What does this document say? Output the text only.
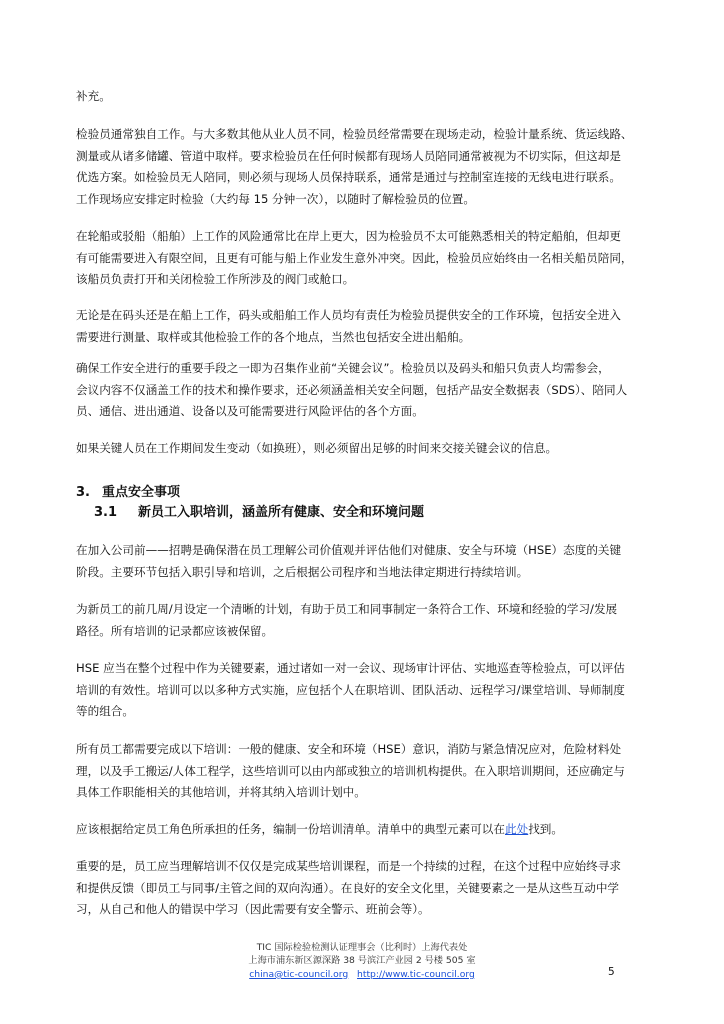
补充。
检验员通常独自工作。与大多数其他从业人员不同，检验员经常需要在现场走动，检验计量系统、货运线路、
测量或从诸多储罐、管道中取样。要求检验员在任何时候都有现场人员陪同通常被视为不切实际，但这却是
优选方案。如检验员无人陪同，则必须与现场人员保持联系，通常是通过与控制室连接的无线电进行联系。
工作现场应安排定时检验（大约每 15 分钟一次），以随时了解检验员的位置。
在轮船或驳船（船舶）上工作的风险通常比在岸上更大，因为检验员不太可能熟悉相关的特定船舶，但却更
有可能需要进入有限空间，且更有可能与船上作业发生意外冲突。因此，检验员应始终由一名相关船员陪同，
该船员负责打开和关闭检验工作所涉及的阀门或舱口。
无论是在码头还是在船上工作，码头或船舶工作人员均有责任为检验员提供安全的工作环境，包括安全进入
需要进行测量、取样或其他检验工作的各个地点，当然也包括安全进出船舶。
确保工作安全进行的重要手段之一即为召集作业前“关键会议”。检验员以及码头和船只负责人均需参会，
会议内容不仅涵盖工作的技术和操作要求，还必须涵盖相关安全问题，包括产品安全数据表（SDS）、陪同人
员、通信、进出通道、设备以及可能需要进行风险评估的各个方面。
如果关键人员在工作期间发生变动（如换班），则必须留出足够的时间来交接关键会议的信息。
3. 重点安全事项
3.1 新员工入职培训，涵盖所有健康、安全和环境问题
在加入公司前——招聘是确保潜在员工理解公司价值观并评估他们对健康、安全与环境（HSE）态度的关键
阶段。主要环节包括入职引导和培训，之后根据公司程序和当地法律定期进行持续培训。
为新员工的前几周/月设定一个清晰的计划，有助于员工和同事制定一条符合工作、环境和经验的学习/发展
路径。所有培训的记录都应该被保留。
HSE 应当在整个过程中作为关键要素，通过诸如一对一会议、现场审计评估、实地巡查等检验点，可以评估
培训的有效性。培训可以以多种方式实施，应包括个人在职培训、团队活动、远程学习/课堂培训、导师制度
等的组合。
所有员工都需要完成以下培训：一般的健康、安全和环境（HSE）意识，消防与紧急情况应对，危险材料处
理，以及手工搬运/人体工程学，这些培训可以由内部或独立的培训机构提供。在入职培训期间，还应确定与
具体工作职能相关的其他培训，并将其纳入培训计划中。
应该根据给定员工角色所承担的任务，编制一份培训清单。清单中的典型元素可以在此处找到。
重要的是，员工应当理解培训不仅仅是完成某些培训课程，而是一个持续的过程，在这个过程中应始终寻求
和提供反馈（即员工与同事/主管之间的双向沟通）。在良好的安全文化里，关键要素之一是从这些互动中学
习，从自己和他人的错误中学习（因此需要有安全警示、班前会等）。
TIC 国际检验检测认证理事会（比利时）上海代表处
上海市浦东新区源深路 38 号滨江产业园 2 号楼 505 室
china@tic-council.org http://www.tic-council.org	5
